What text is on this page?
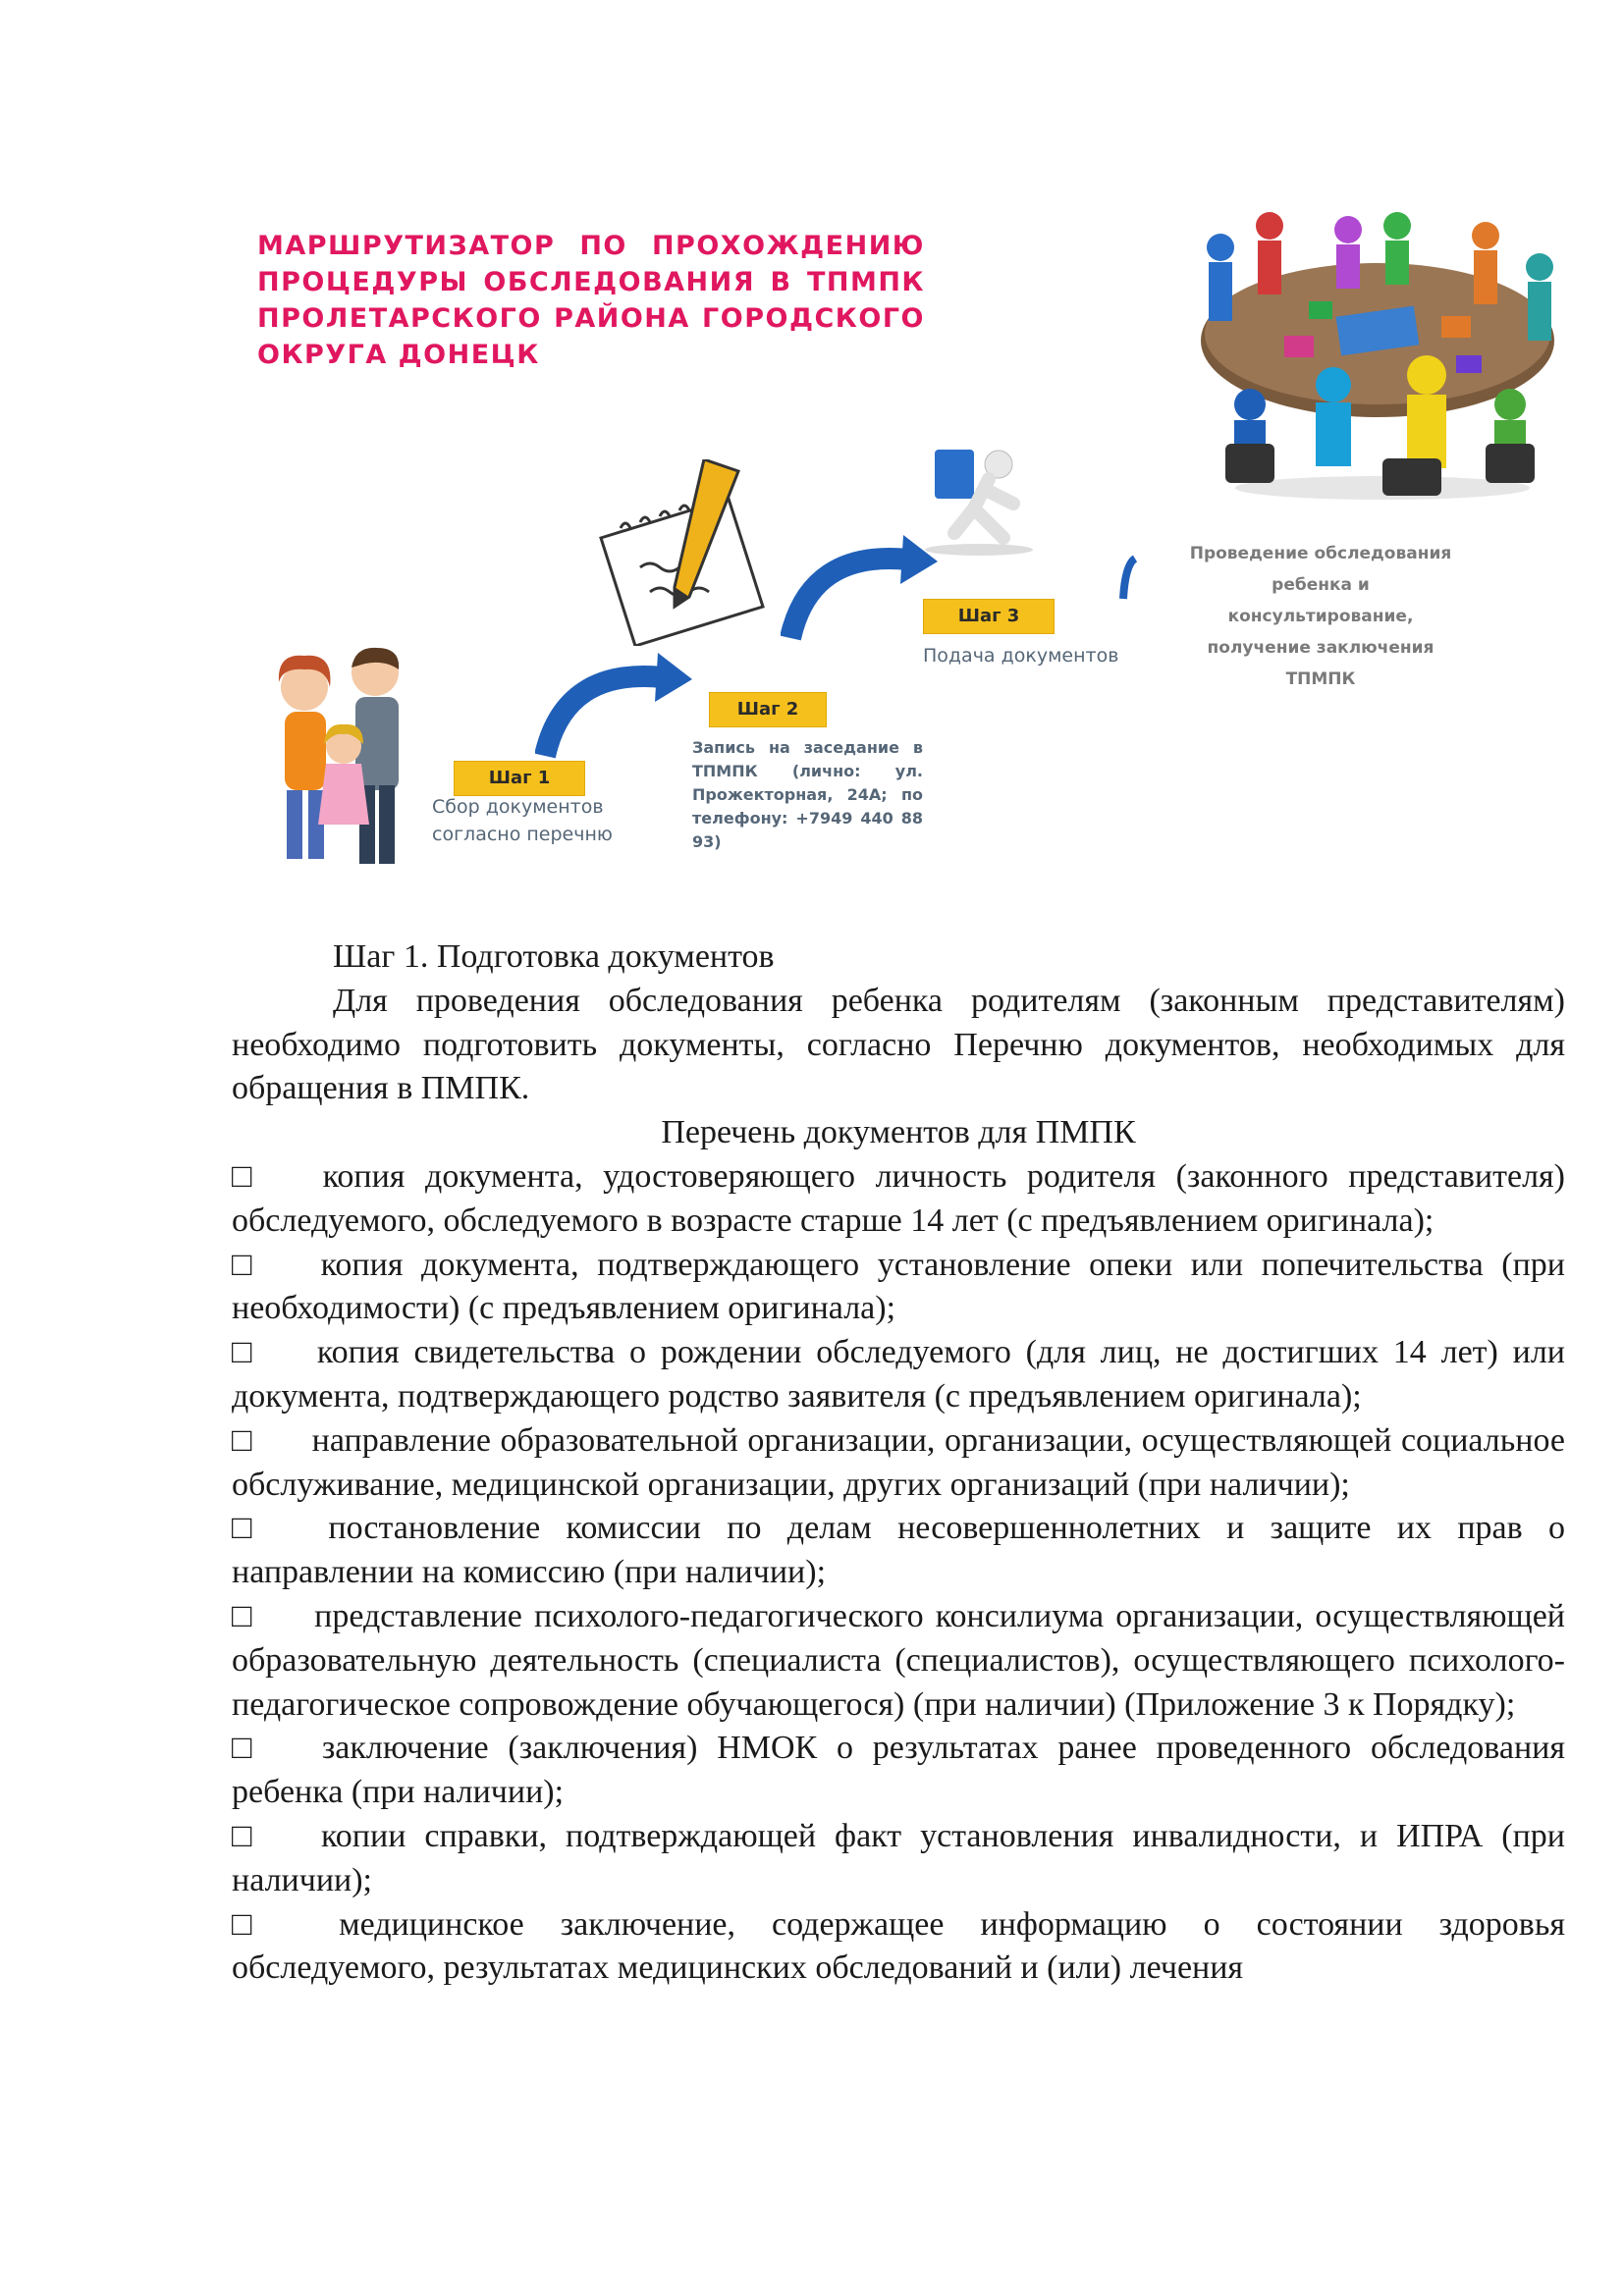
МАРШРУТИЗАТОР ПО ПРОХОЖДЕНИЮ ПРОЦЕДУРЫ ОБСЛЕДОВАНИЯ В ТПМПК ПРОЛЕТАРСКОГО РАЙОНА ГОРОДСКОГО ОКРУГА ДОНЕЦК
Проведение обследования ребенка и консультирование, получение заключения ТПМПК
Шаг 1
Сбор документов согласно перечню
Шаг 2
Запись на заседание в ТПМПК (лично: ул. Прожекторная, 24А; по телефону: +7949 440 88 93)
Шаг 3
Подача документов

Шаг 1. Подготовка документов

Для проведения обследования ребенка родителям (законным представителям) необходимо подготовить документы, согласно Перечню документов, необходимых для обращения в ПМПК.

Перечень документов для ПМПК

□ копия документа, удостоверяющего личность родителя (законного представителя) обследуемого, обследуемого в возрасте старше 14 лет (с предъявлением оригинала);

□ копия документа, подтверждающего установление опеки или попечительства (при необходимости) (с предъявлением оригинала);

□ копия свидетельства о рождении обследуемого (для лиц, не достигших 14 лет) или документа, подтверждающего родство заявителя (с предъявлением оригинала);

□ направление образовательной организации, организации, осуществляющей социальное обслуживание, медицинской организации, других организаций (при наличии);

□ постановление комиссии по делам несовершеннолетних и защите их прав о направлении на комиссию (при наличии);

□ представление психолого-педагогического консилиума организации, осуществляющей образовательную деятельность (специалиста (специалистов), осуществляющего психолого-педагогическое сопровождение обучающегося) (при наличии) (Приложение 3 к Порядку);

□ заключение (заключения) НМОК о результатах ранее проведенного обследования ребенка (при наличии);

□ копии справки, подтверждающей факт установления инвалидности, и ИПРА (при наличии);

□ медицинское заключение, содержащее информацию о состоянии здоровья обследуемого, результатах медицинских обследований и (или) лечения
